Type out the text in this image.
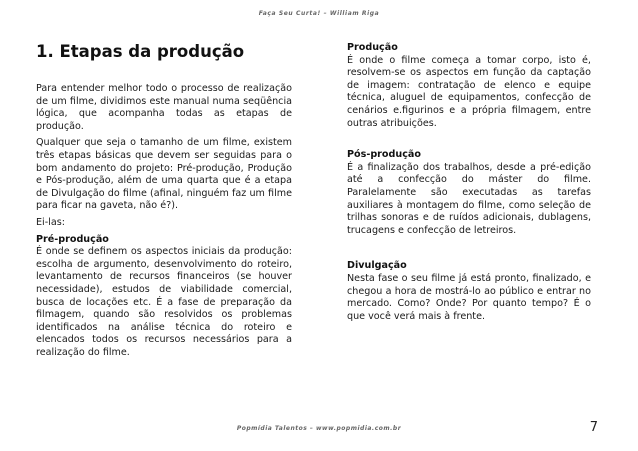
Faça Seu Curta! – William Riga
1. Etapas da produção

Para entender melhor todo o processo de realização de um filme, dividimos este manual numa seqüência lógica, que acompanha todas as etapas de produção.

Qualquer que seja o tamanho de um filme, existem três etapas básicas que devem ser seguidas para o bom andamento do projeto: Pré-produção, Produção e Pós-produção, além de uma quarta que é a etapa de Divulgação do filme (afinal, ninguém faz um filme para ficar na gaveta, não é?).

Ei-las:

Pré-produção

É onde se definem os aspectos iniciais da produção: escolha de argumento, desenvolvimento do roteiro, levantamento de recursos financeiros (se houver necessidade), estudos de viabilidade comercial, busca de locações etc. É a fase de preparação da filmagem, quando são resolvidos os problemas identificados na análise técnica do roteiro e elencados todos os recursos necessários para a realização do filme.

Produção

É onde o filme começa a tomar corpo, isto é, resolvem-se os aspectos em função da captação de imagem: contratação de elenco e equipe técnica, aluguel de equipamentos, confecção de cenários e.figurinos e a própria filmagem, entre outras atribuições.

Pós-produção

É a finalização dos trabalhos, desde a pré-edição até a confecção do máster do filme. Paralelamente são executadas as tarefas auxiliares à montagem do filme, como seleção de trilhas sonoras e de ruídos adicionais, dublagens, trucagens e confecção de letreiros.

Divulgação

Nesta fase o seu filme já está pronto, finalizado, e chegou a hora de mostrá-lo ao público e entrar no mercado. Como? Onde? Por quanto tempo? É o que você verá mais à frente.

Popmídia Talentos – www.popmidia.com.br	7
